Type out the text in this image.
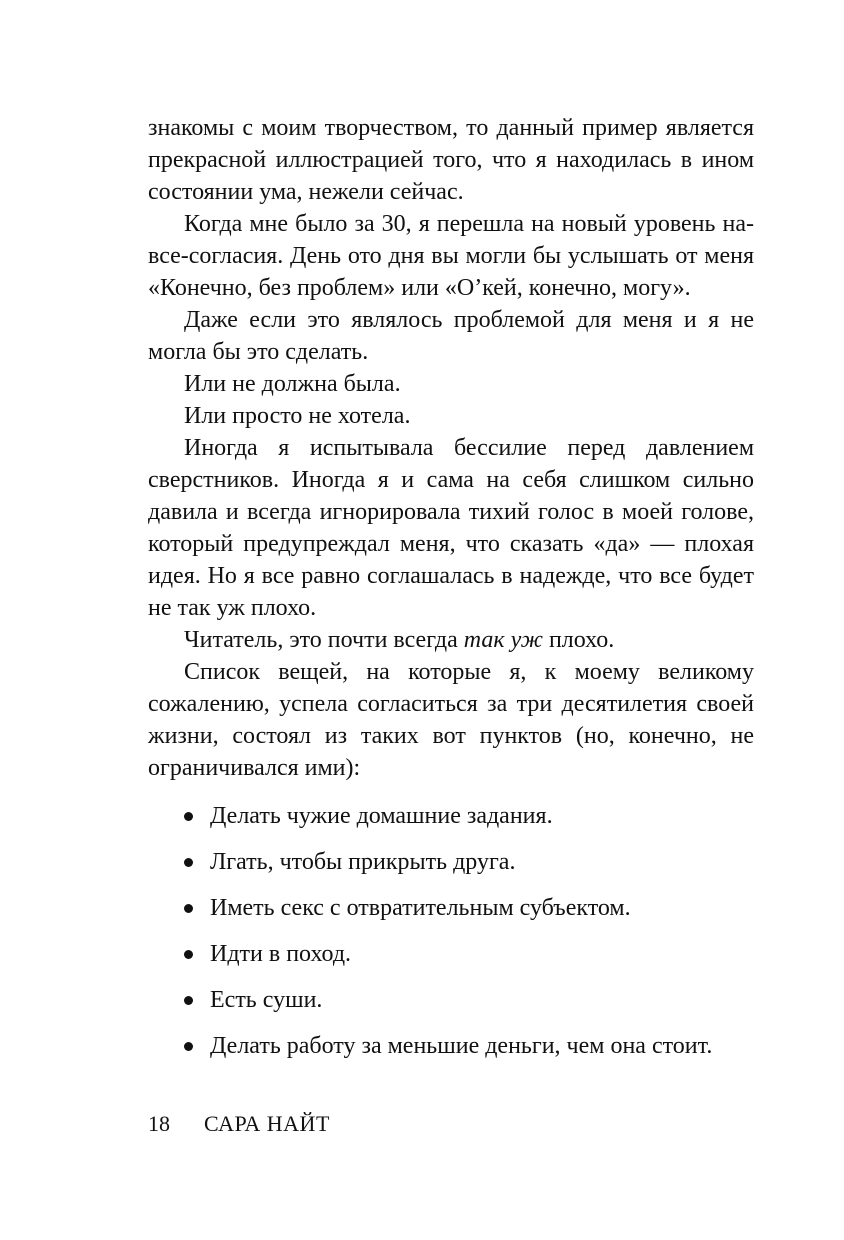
знакомы с моим творчеством, то данный пример является прекрасной иллюстрацией того, что я находилась в ином состоянии ума, нежели сейчас.

Когда мне было за 30, я перешла на новый уровень на-все-согласия. День ото дня вы могли бы услышать от меня «Конечно, без проблем» или «О’кей, конечно, могу».

Даже если это являлось проблемой для меня и я не могла бы это сделать.

Или не должна была.

Или просто не хотела.

Иногда я испытывала бессилие перед давлением сверстников. Иногда я и сама на себя слишком сильно давила и всегда игнорировала тихий голос в моей голове, который предупреждал меня, что сказать «да» — плохая идея. Но я все равно соглашалась в надежде, что все будет не так уж плохо.

Читатель, это почти всегда так уж плохо.

Список вещей, на которые я, к моему великому сожалению, успела согласиться за три десятилетия своей жизни, состоял из таких вот пунктов (но, конечно, не ограничивался ими):

Делать чужие домашние задания.
Лгать, чтобы прикрыть друга.
Иметь секс с отвратительным субъектом.
Идти в поход.
Есть суши.
Делать работу за меньшие деньги, чем она стоит.
18 САРА НАЙТ
